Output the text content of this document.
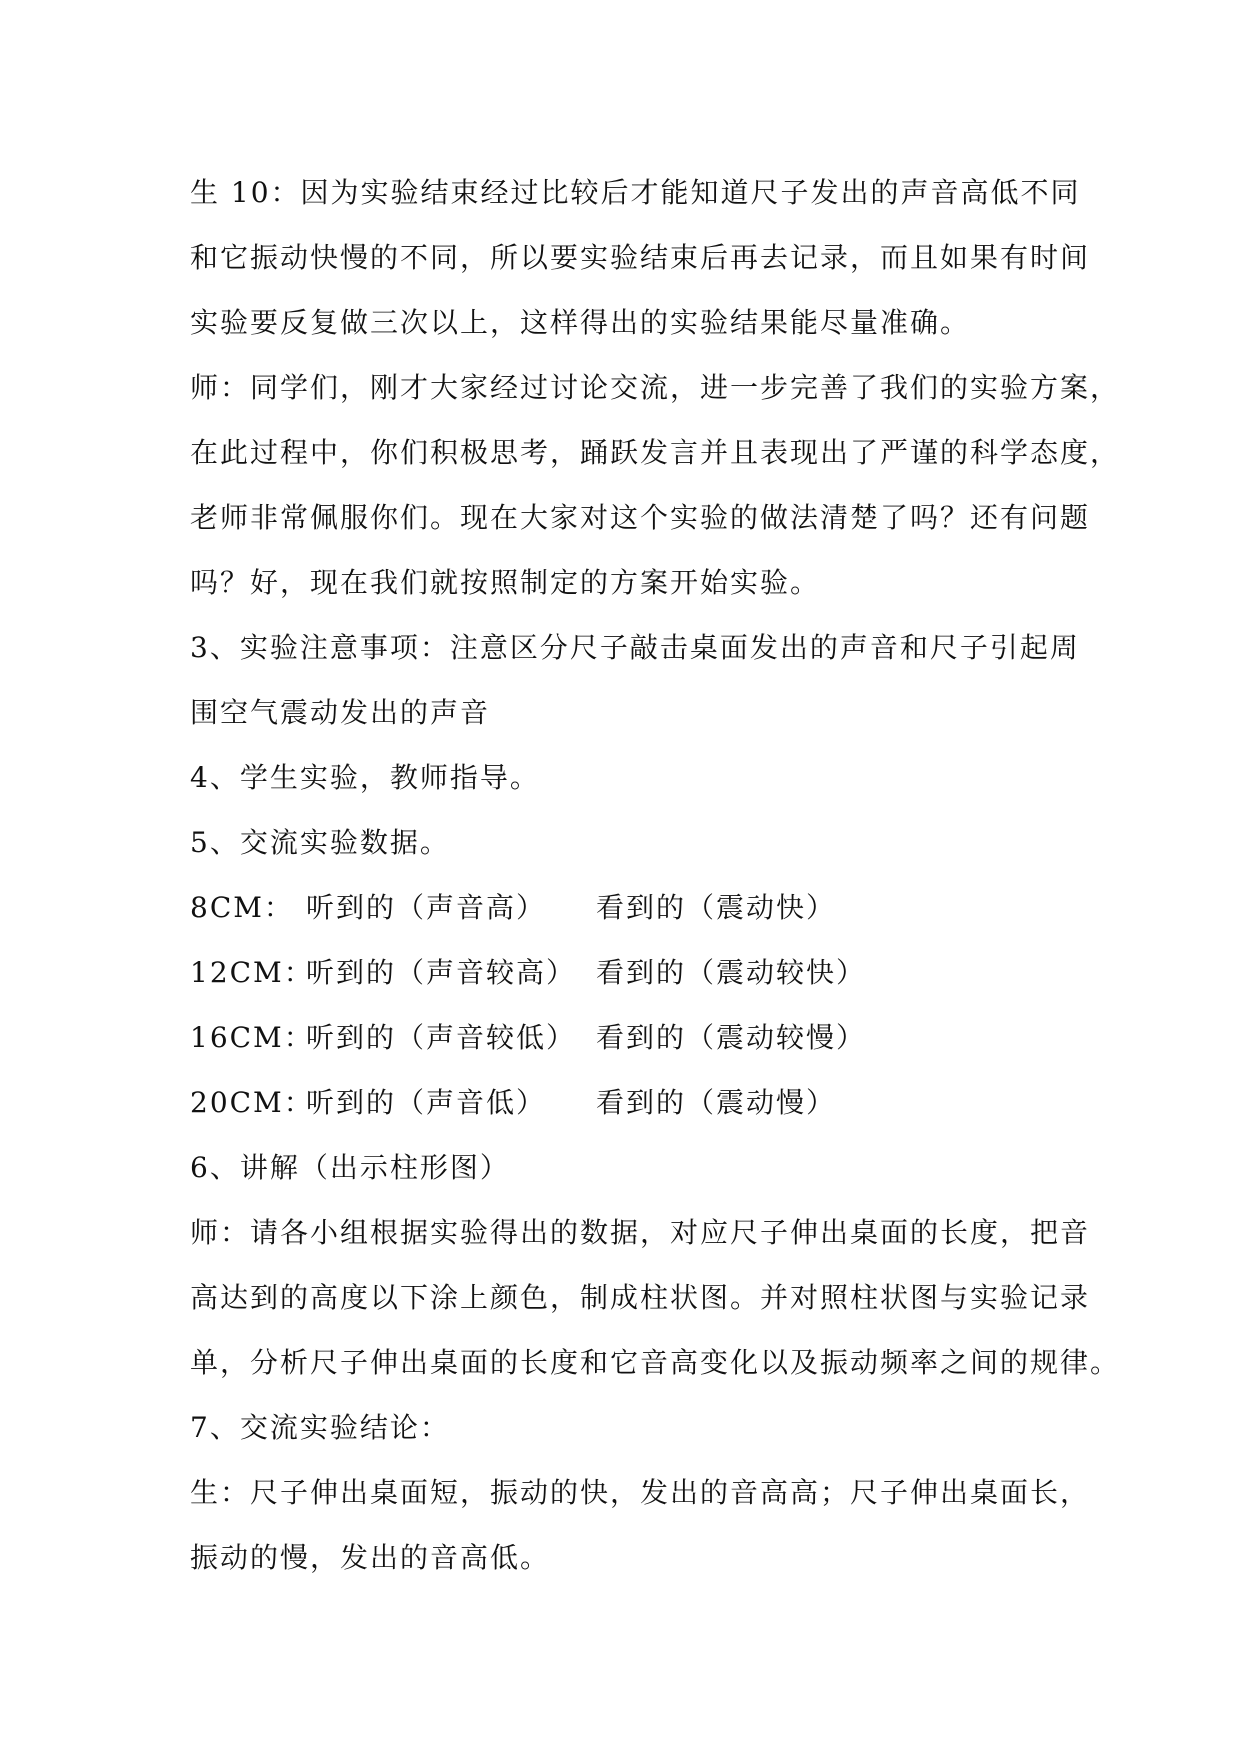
生 10：因为实验结束经过比较后才能知道尺子发出的声音高低不同
和它振动快慢的不同，所以要实验结束后再去记录，而且如果有时间
实验要反复做三次以上，这样得出的实验结果能尽量准确。
师：同学们，刚才大家经过讨论交流，进一步完善了我们的实验方案，
在此过程中，你们积极思考，踊跃发言并且表现出了严谨的科学态度，
老师非常佩服你们。现在大家对这个实验的做法清楚了吗？还有问题
吗？好，现在我们就按照制定的方案开始实验。
3、实验注意事项：注意区分尺子敲击桌面发出的声音和尺子引起周
围空气震动发出的声音
4、学生实验，教师指导。
5、交流实验数据。
8CM： 听到的（声音高） 看到的（震动快）
12CM：
听到的（声音较高） 看到的（震动较快）
16CM：
听到的（声音较低） 看到的（震动较慢）
20CM：
听到的（声音低） 看到的（震动慢）
6、讲解（出示柱形图）
师：请各小组根据实验得出的数据，对应尺子伸出桌面的长度，把音
高达到的高度以下涂上颜色，制成柱状图。并对照柱状图与实验记录
单，分析尺子伸出桌面的长度和它音高变化以及振动频率之间的规律。
7、交流实验结论：
生：尺子伸出桌面短，振动的快，发出的音高高；尺子伸出桌面长，
振动的慢，发出的音高低。
